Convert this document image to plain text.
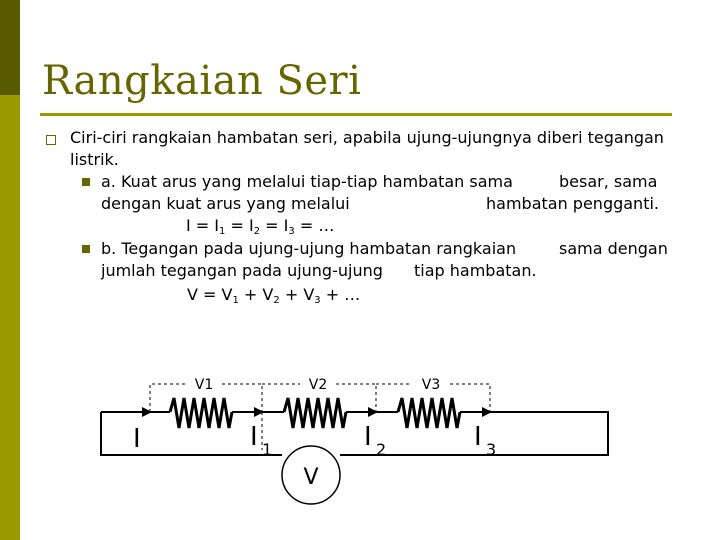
Rangkaian Seri
Ciri-ciri rangkaian hambatan seri, apabila ujung-ujungnya diberi tegangan
listrik.
a. Kuat arus yang melalui tiap-tiap hambatan sama	besar, sama
dengan kuat arus yang melalui	hambatan pengganti.
$I = I_1 = I_2 = I_3$ = …
b. Tegangan pada ujung-ujung hambatan rangkaian	sama dengan
jumlah tegangan pada ujung-ujung tiap hambatan.
$V = V_1 + V_2 + V_3$ + …
V1	V2	V3
I	I 1	I 2	I 3
V
